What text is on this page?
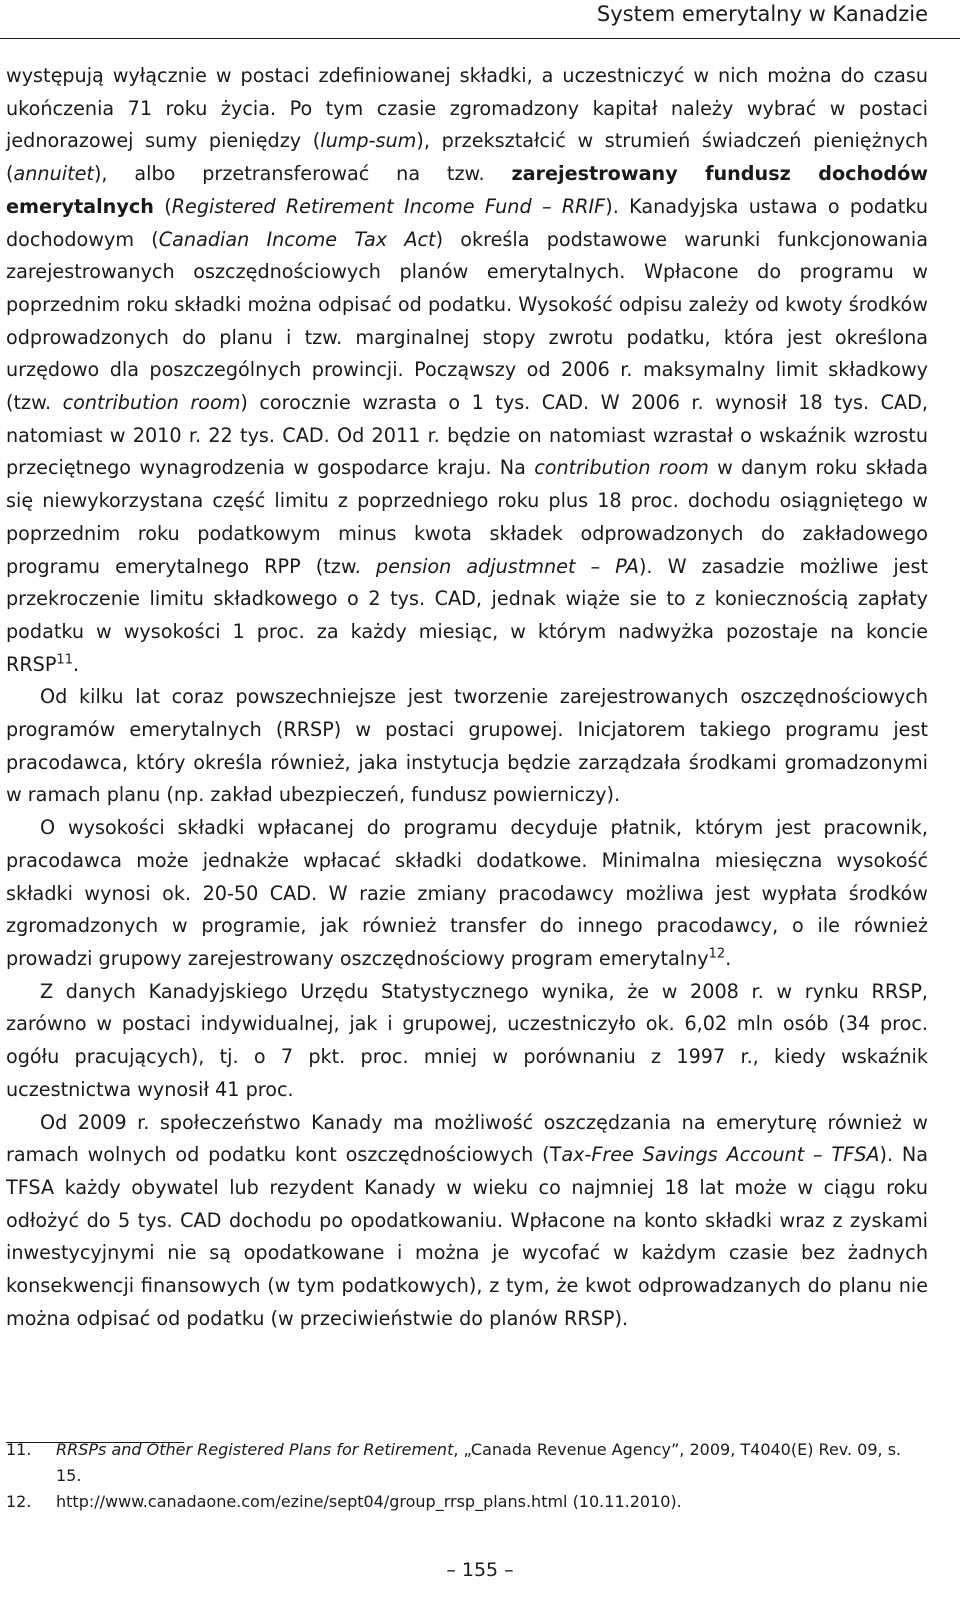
System emerytalny w Kanadzie

występują wyłącznie w postaci zdefiniowanej składki, a uczestniczyć w nich można do czasu ukończenia 71 roku życia. Po tym czasie zgromadzony kapitał należy wybrać w postaci jednorazowej sumy pieniędzy (lump-sum), przekształcić w strumień świadczeń pieniężnych (annuitet), albo przetransferować na tzw. zarejestrowany fundusz dochodów emerytalnych (Registered Retirement Income Fund – RRIF). Kanadyjska ustawa o podatku dochodowym (Canadian Income Tax Act) określa podstawowe warunki funkcjonowania zarejestrowanych oszczędnościowych planów emerytalnych. Wpłacone do programu w poprzednim roku składki można odpisać od podatku. Wysokość odpisu zależy od kwoty środków odprowadzonych do planu i tzw. marginalnej stopy zwrotu podatku, która jest określona urzędowo dla poszczególnych prowincji. Począwszy od 2006 r. maksymalny limit składkowy (tzw. contribution room) corocznie wzrasta o 1 tys. CAD. W 2006 r. wynosił 18 tys. CAD, natomiast w 2010 r. 22 tys. CAD. Od 2011 r. będzie on natomiast wzrastał o wskaźnik wzrostu przeciętnego wynagrodzenia w gospodarce kraju. Na contribution room w danym roku składa się niewykorzystana część limitu z poprzedniego roku plus 18 proc. dochodu osiągniętego w poprzednim roku podatkowym minus kwota składek odprowadzonych do zakładowego programu emerytalnego RPP (tzw. pension adjustmnet – PA). W zasadzie możliwe jest przekroczenie limitu składkowego o 2 tys. CAD, jednak wiąże sie to z koniecznością zapłaty podatku w wysokości 1 proc. za każdy miesiąc, w którym nadwyżka pozostaje na koncie RRSP$^{11}$.

Od kilku lat coraz powszechniejsze jest tworzenie zarejestrowanych oszczędnościowych programów emerytalnych (RRSP) w postaci grupowej. Inicjatorem takiego programu jest pracodawca, który określa również, jaka instytucja będzie zarządzała środkami gromadzonymi w ramach planu (np. zakład ubezpieczeń, fundusz powierniczy).

O wysokości składki wpłacanej do programu decyduje płatnik, którym jest pracownik, pracodawca może jednakże wpłacać składki dodatkowe. Minimalna miesięczna wysokość składki wynosi ok. 20-50 CAD. W razie zmiany pracodawcy możliwa jest wypłata środków zgromadzonych w programie, jak również transfer do innego pracodawcy, o ile również prowadzi grupowy zarejestrowany oszczędnościowy program emerytalny$^{12}$.

Z danych Kanadyjskiego Urzędu Statystycznego wynika, że w 2008 r. w rynku RRSP, zarówno w postaci indywidualnej, jak i grupowej, uczestniczyło ok. 6,02 mln osób (34 proc. ogółu pracujących), tj. o 7 pkt. proc. mniej w porównaniu z 1997 r., kiedy wskaźnik uczestnictwa wynosił 41 proc.

Od 2009 r. społeczeństwo Kanady ma możliwość oszczędzania na emeryturę również w ramach wolnych od podatku kont oszczędnościowych (Tax-Free Savings Account – TFSA). Na TFSA każdy obywatel lub rezydent Kanady w wieku co najmniej 18 lat może w ciągu roku odłożyć do 5 tys. CAD dochodu po opodatkowaniu. Wpłacone na konto składki wraz z zyskami inwestycyjnymi nie są opodatkowane i można je wycofać w każdym czasie bez żadnych konsekwencji finansowych (w tym podatkowych), z tym, że kwot odprowadzanych do planu nie można odpisać od podatku (w przeciwieństwie do planów RRSP).

11.	RRSPs and Other Registered Plans for Retirement, „Canada Revenue Agency”, 2009, T4040(E) Rev. 09, s. 15.
12.	http://www.canadaone.com/ezine/sept04/group_rrsp_plans.html (10.11.2010).
– 155 –
